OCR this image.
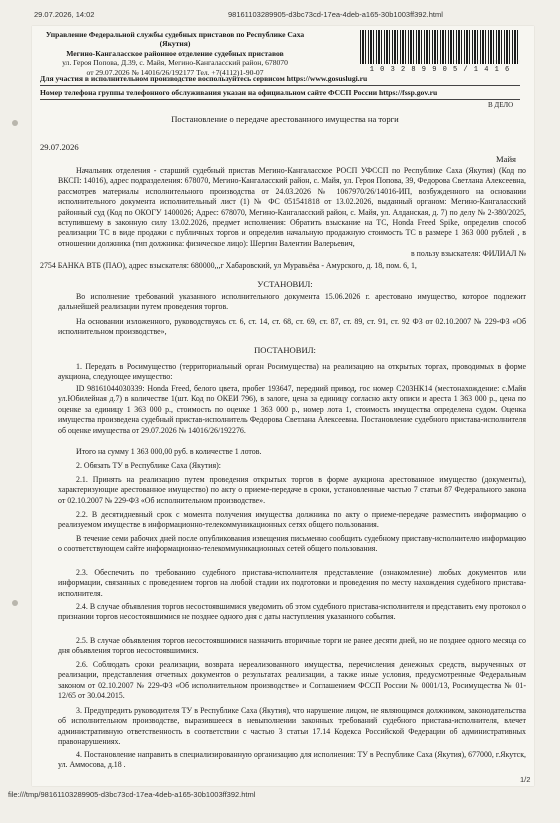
29.07.2026, 14:02	98161103289905-d3bc73cd-17ea-4deb-a165-30b1003ff392.html
Управление Федеральной службы судебных приставов по Республике Саха
(Якутия)
Мегино-Кангаласское районное отделение судебных приставов
ул. Героя Попова, Д.39, с. Майя, Мегино-Кангаласский район, 678070
от 29.07.2026 № 14016/26/192177 Тел. +7(4112)1-90-07	1 0 3 2 8 9 9 0 5 / 1 4 1 6
Для участия в исполнительном производстве воспользуйтесь сервисом https://www.gosuslugi.ru
Номер телефона группы телефонного обслуживания указан на официальном сайте ФССП России https://fssp.gov.ru
В ДЕЛО
Постановление о передаче арестованного имущества на торги
29.07.2026
Майя
Начальник отделения - старший судебный пристав Мегино-Кангаласское РОСП УФССП по Республике Саха (Якутия) (Код по ВКСП: 14016), адрес подразделения: 678070, Мегино-Кангаласский район, с. Майя, ул. Героя Попова, 39, Федорова Светлана Алексеевна, рассмотрев материалы исполнительного производства от 24.03.2026 № 1067970/26/14016-ИП, возбужденного на основании исполнительного документа исполнительный лист (1) № ФС 051541818 от 13.02.2026, выданный органом: Мегино-Кангаласский районный суд (Код по ОКОГУ 1400026; Адрес: 678070, Мегино-Кангаласский район, с. Майя, ул. Алданская, д. 7) по делу № 2-380/2025, вступившему в законную силу 13.02.2026, предмет исполнения: Обратить взыскание на ТС, Honda Freed Spike, определив способ реализации ТС в виде продажи с публичных торгов и определив начальную продажную стоимость ТС в размере 1 363 000 рублей , в отношении должника (тип должника: физическое лицо): Шергин Валентин Валерьевич,
в пользу взыскателя: ФИЛИАЛ №
2754 БАНКА ВТБ (ПАО), адрес взыскателя: 680000,,,г Хабаровский, ул Муравьёва - Амурского, д. 18, пом. 6, 1,
УСТАНОВИЛ:
Во исполнение требований указанного исполнительного документа 15.06.2026 г. арестовано имущество, которое подлежит дальнейшей реализации путем проведения торгов.
На основании изложенного, руководствуясь ст. 6, ст. 14, ст. 68, ст. 69, ст. 87, ст. 89, ст. 91, ст. 92 ФЗ от 02.10.2007 № 229-ФЗ «Об исполнительном производстве»,
ПОСТАНОВИЛ:
1. Передать в Росимущество (территориальный орган Росимущества) на реализацию на открытых торгах, проводимых в форме аукциона, следующее имущество:
ID 98161044030339: Honda Freed, белого цвета, пробег 193647, передний привод, гос номер С203НК14 (местонахождение: с.Майя ул.Юбилейная д.7) в количестве 1(шт. Код по ОКЕИ 796), в залоге, цена за единицу согласно акту описи и ареста 1 363 000 р., цена по оценке за единицу 1 363 000 р., стоимость по оценке 1 363 000 р., номер лота 1, стоимость имущества определена судом. Оценка имущества произведена судебный пристав-исполнитель Федорова Светлана Алексеевна. Постановление судебного пристава-исполнителя об оценке имущества от 29.07.2026 № 14016/26/192276.
Итого на сумму 1 363 000,00 руб. в количестве 1 лотов.
2. Обязать ТУ в Республике Саха (Якутия):
2.1. Принять на реализацию путем проведения открытых торгов в форме аукциона арестованное имущество (документы), характеризующие арестованное имущество) по акту о приеме-передаче в сроки, установленные частью 7 статьи 87 Федерального закона от 02.10.2007 № 229-ФЗ «Об исполнительном производстве».
2.2. В десятидневный срок с момента получения имущества должника по акту о приеме-передаче разместить информацию о реализуемом имуществе в информационно-телекоммуникационных сетях общего пользования.
В течение семи рабочих дней после опубликования извещения письменно сообщить судебному приставу-исполнителю информацию о соответствующем сайте информационно-телекоммуникационных сетей общего пользования.
2.3. Обеспечить по требованию судебного пристава-исполнителя представление (ознакомление) любых документов или информации, связанных с проведением торгов на любой стадии их подготовки и проведения по месту нахождения судебного пристава-исполнителя.
2.4. В случае объявления торгов несостоявшимися уведомить об этом судебного пристава-исполнителя и представить ему протокол о признании торгов несостоявшимися не позднее одного дня с даты наступления указанного события.
2.5. В случае объявления торгов несостоявшимися назначить вторичные торги не ранее десяти дней, но не позднее одного месяца со дня объявления торгов несостоявшимися.
2.6. Соблюдать сроки реализации, возврата нереализованного имущества, перечисления денежных средств, вырученных от реализации, представления отчетных документов о результатах реализации, а также иные условия, предусмотренные Федеральным законом от 02.10.2007 № 229-ФЗ «Об исполнительном производстве» и Соглашением ФССП России № 0001/13, Росимущества № 01-12/65 от 30.04.2015.
3. Предупредить руководителя ТУ в Республике Саха (Якутия), что нарушение лицом, не являющимся должником, законодательства об исполнительном производстве, выразившееся в невыполнении законных требований судебного пристава-исполнителя, влечет административную ответственность в соответствии с частью 3 статьи 17.14 Кодекса Российской Федерации об административных правонарушениях.
4. Постановление направить в специализированную организацию для исполнения: ТУ в Республике Саха (Якутия), 677000, г.Якутск, ул. Аммосова, д.18 .
1/2
file:///tmp/98161103289905-d3bc73cd-17ea-4deb-a165-30b1003ff392.html
